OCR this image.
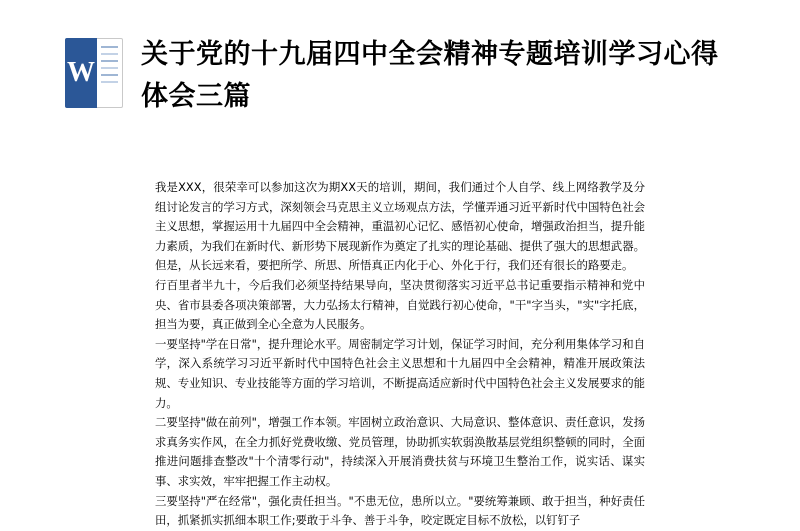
W
关于党的十九届四中全会精神专题培训学习心得体会三篇

我是XXX，很荣幸可以参加这次为期XX天的培训，期间，我们通过个人自学、线上网络教学及分组讨论发言的学习方式，深刻领会马克思主义立场观点方法，学懂弄通习近平新时代中国特色社会主义思想，掌握运用十九届四中全会精神，重温初心记忆、感悟初心使命，增强政治担当，提升能力素质，为我们在新时代、新形势下展现新作为奠定了扎实的理论基础、提供了强大的思想武器。但是，从长远来看，要把所学、所思、所悟真正内化于心、外化于行，我们还有很长的路要走。

行百里者半九十，今后我们必须坚持结果导向，坚决贯彻落实习近平总书记重要指示精神和党中央、省市县委各项决策部署，大力弘扬太行精神，自觉践行初心使命，"干"字当头，"实"字托底，担当为要，真正做到全心全意为人民服务。

一要坚持"学在日常"，提升理论水平。周密制定学习计划，保证学习时间，充分利用集体学习和自学，深入系统学习习近平新时代中国特色社会主义思想和十九届四中全会精神，精准开展政策法规、专业知识、专业技能等方面的学习培训，不断提高适应新时代中国特色社会主义发展要求的能力。

二要坚持"做在前列"，增强工作本领。牢固树立政治意识、大局意识、整体意识、责任意识，发扬求真务实作风，在全力抓好党费收缴、党员管理，协助抓实软弱涣散基层党组织整顿的同时，全面推进问题排查整改"十个清零行动"，持续深入开展消费扶贫与环境卫生整治工作，说实话、谋实事、求实效，牢牢把握工作主动权。

三要坚持"严在经常"，强化责任担当。"不患无位，患所以立。"要统筹兼顾、敢于担当，种好责任田，抓紧抓实抓细本职工作;要敢于斗争、善于斗争，咬定既定目标不放松，以钉钉子
